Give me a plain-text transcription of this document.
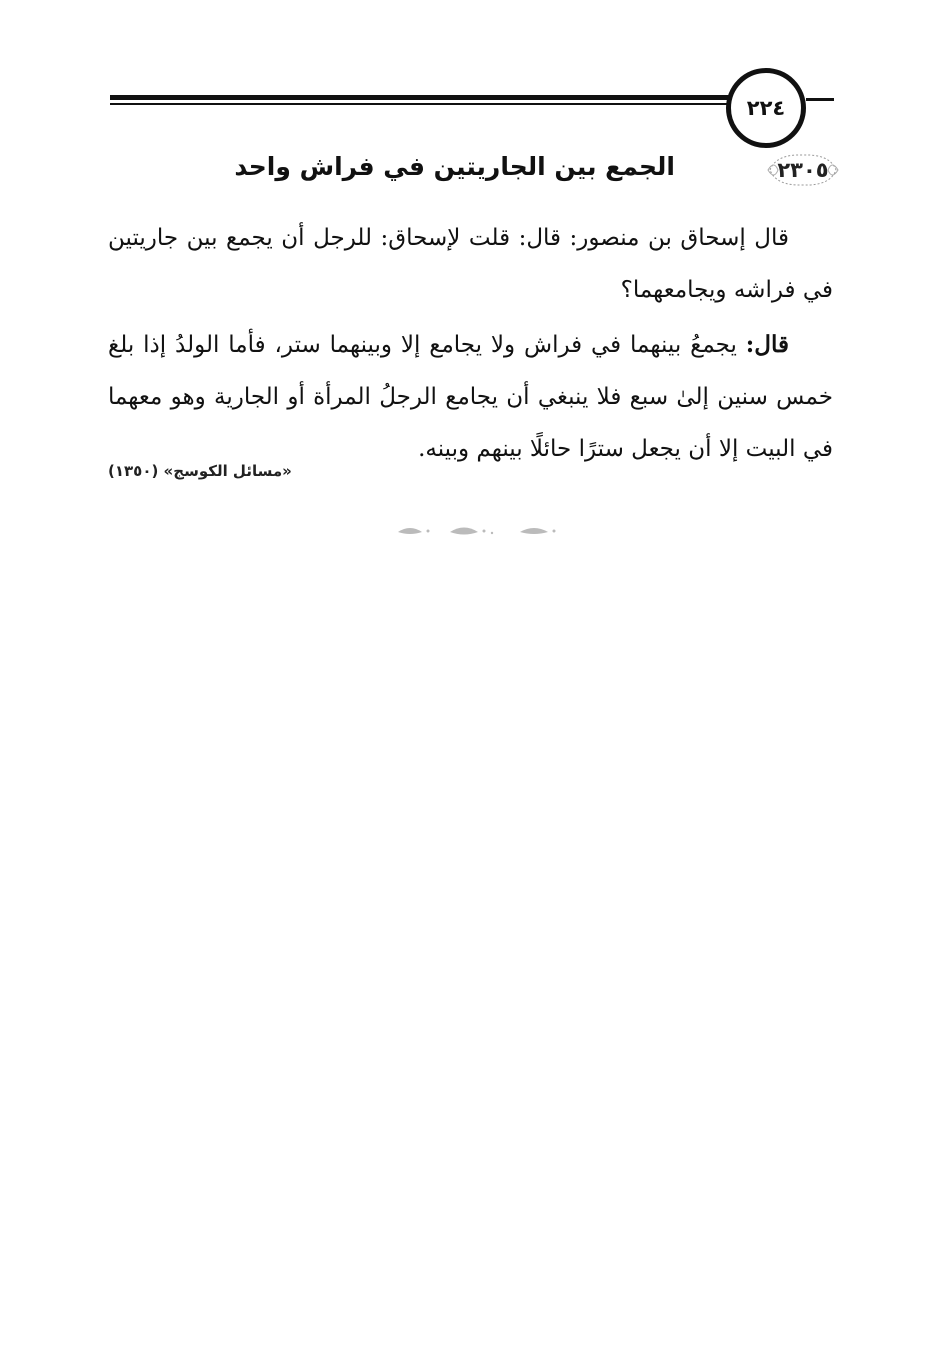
٢٢٤
٢٣٠٥
الجمع بين الجاريتين في فراش واحد

قال إسحاق بن منصور: قال: قلت لإسحاق: للرجل أن يجمع بين جاريتين في فراشه ويجامعهما؟

قال: يجمعُ بينهما في فراش ولا يجامع إلا وبينهما ستر، فأما الولدُ إذا بلغ خمس سنين إلىٰ سبع فلا ينبغي أن يجامع الرجلُ المرأة أو الجارية وهو معهما في البيت إلا أن يجعل سترًا حائلًا بينهم وبينه.

«مسائل الكوسج» (١٣٥٠)
